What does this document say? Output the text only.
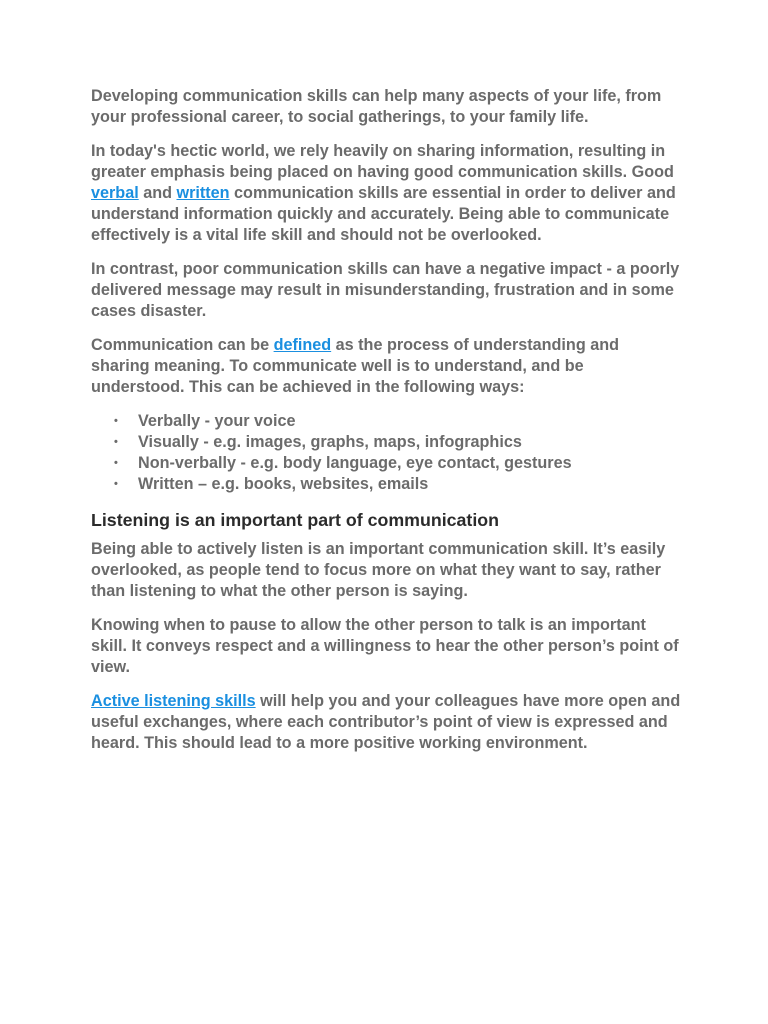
Developing communication skills can help many aspects of your life, from your professional career, to social gatherings, to your family life.

In today's hectic world, we rely heavily on sharing information, resulting in greater emphasis being placed on having good communication skills. Good verbal and written communication skills are essential in order to deliver and understand information quickly and accurately. Being able to communicate effectively is a vital life skill and should not be overlooked.

In contrast, poor communication skills can have a negative impact - a poorly delivered message may result in misunderstanding, frustration and in some cases disaster.

Communication can be defined as the process of understanding and sharing meaning. To communicate well is to understand, and be understood. This can be achieved in the following ways:

• Verbally - your voice
• Visually - e.g. images, graphs, maps, infographics
• Non-verbally - e.g. body language, eye contact, gestures
• Written – e.g. books, websites, emails
Listening is an important part of communication

Being able to actively listen is an important communication skill. It’s easily overlooked, as people tend to focus more on what they want to say, rather than listening to what the other person is saying.

Knowing when to pause to allow the other person to talk is an important skill. It conveys respect and a willingness to hear the other person’s point of view.

Active listening skills will help you and your colleagues have more open and useful exchanges, where each contributor’s point of view is expressed and heard. This should lead to a more positive working environment.
